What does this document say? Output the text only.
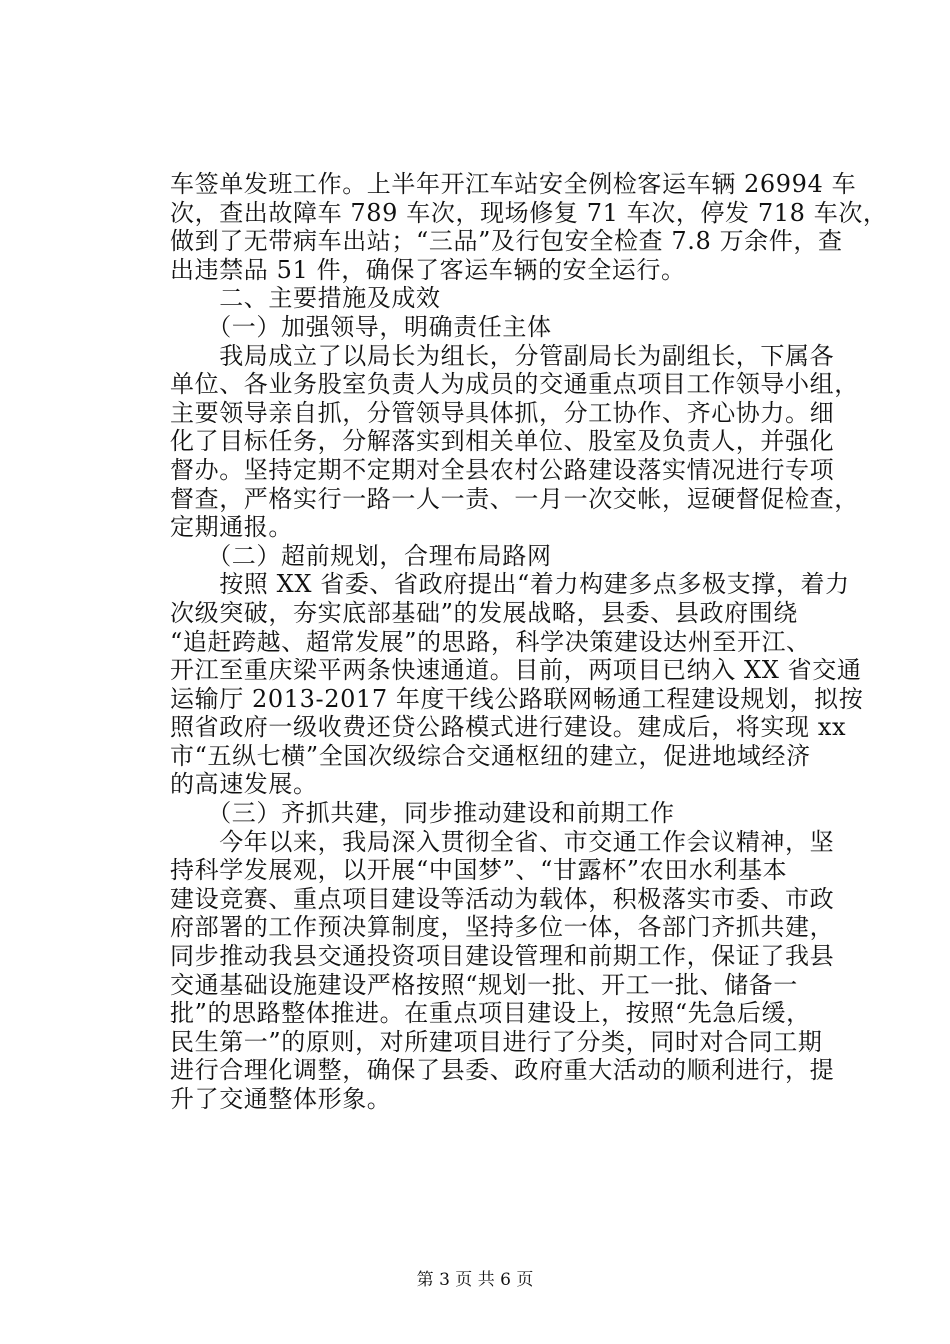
车签单发班工作。上半年开江车站安全例检客运车辆 26994 车
次，查出故障车 789 车次，现场修复 71 车次，停发 718 车次，
做到了无带病车出站；“三品”及行包安全检查 7.8 万余件，查
出违禁品 51 件，确保了客运车辆的安全运行。
　　二、主要措施及成效
　　（一）加强领导，明确责任主体
　　我局成立了以局长为组长，分管副局长为副组长，下属各
单位、各业务股室负责人为成员的交通重点项目工作领导小组，
主要领导亲自抓，分管领导具体抓，分工协作、齐心协力。细
化了目标任务，分解落实到相关单位、股室及负责人，并强化
督办。坚持定期不定期对全县农村公路建设落实情况进行专项
督查，严格实行一路一人一责、一月一次交帐，逗硬督促检查，
定期通报。
　　（二）超前规划，合理布局路网
　　按照 XX 省委、省政府提出“着力构建多点多极支撑，着力
次级突破，夯实底部基础”的发展战略，县委、县政府围绕
“追赶跨越、超常发展”的思路，科学决策建设达州至开江、
开江至重庆梁平两条快速通道。目前，两项目已纳入 XX 省交通
运输厅 2013-2017 年度干线公路联网畅通工程建设规划，拟按
照省政府一级收费还贷公路模式进行建设。建成后，将实现 xx
市“五纵七横”全国次级综合交通枢纽的建立，促进地域经济
的高速发展。
　　（三）齐抓共建，同步推动建设和前期工作
　　今年以来，我局深入贯彻全省、市交通工作会议精神，坚
持科学发展观，以开展“中国梦”、“甘露杯”农田水利基本
建设竞赛、重点项目建设等活动为载体，积极落实市委、市政
府部署的工作预决算制度，坚持多位一体，各部门齐抓共建，
同步推动我县交通投资项目建设管理和前期工作，保证了我县
交通基础设施建设严格按照“规划一批、开工一批、储备一
批”的思路整体推进。在重点项目建设上，按照“先急后缓，
民生第一”的原则，对所建项目进行了分类，同时对合同工期
进行合理化调整，确保了县委、政府重大活动的顺利进行，提
升了交通整体形象。
第 3 页 共 6 页
